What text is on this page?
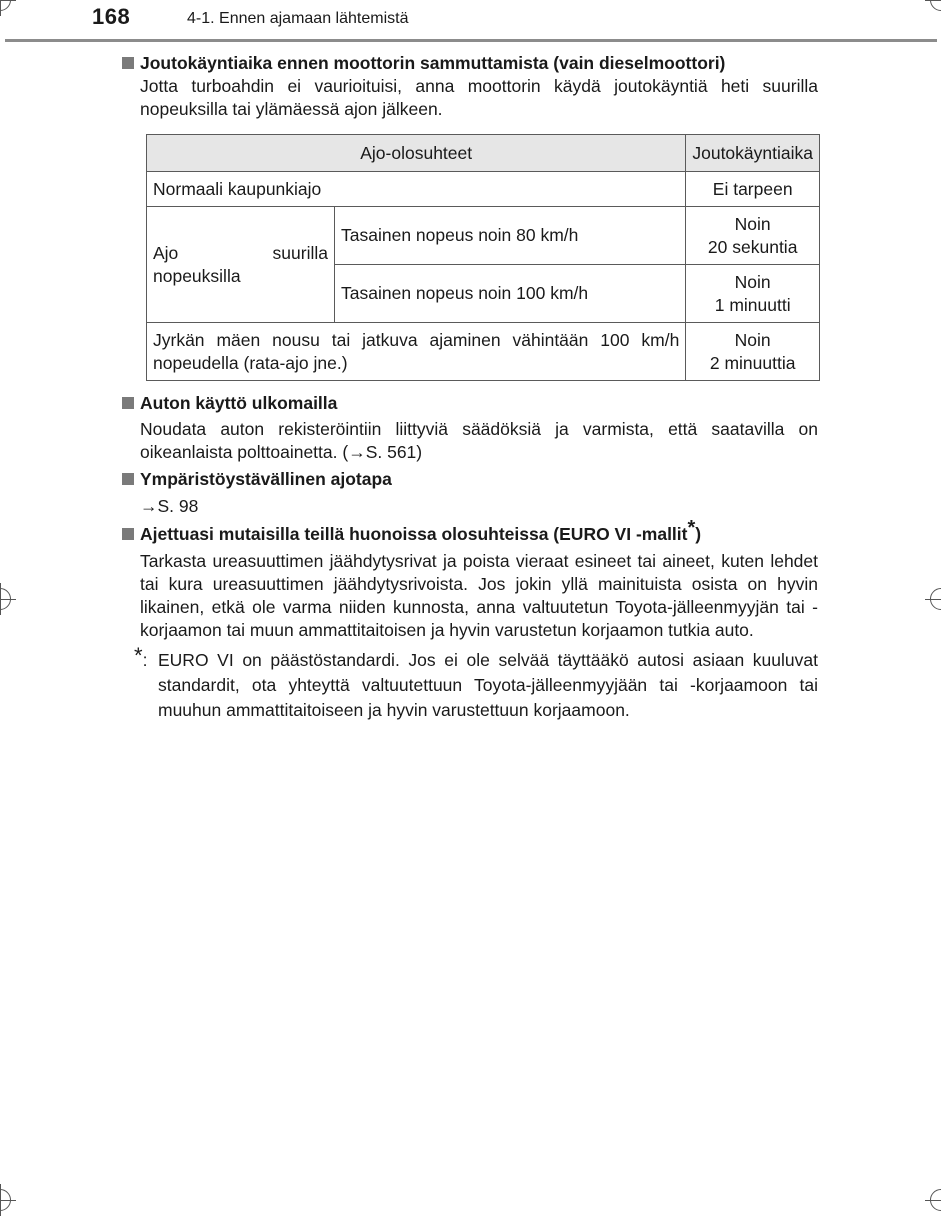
168	4-1. Ennen ajamaan lähtemistä
Joutokäyntiaika ennen moottorin sammuttamista (vain dieselmoottori)
Jotta turboahdin ei vaurioituisi, anna moottorin käydä joutokäyntiä heti suurilla nopeuksilla tai ylämäessä ajon jälkeen.
Ajo-olosuhteet		Joutokäyntiaika
Normaali kaupunkiajo		Ei tarpeen
Ajo suurilla nopeuksilla	Tasainen nopeus noin 80 km/h	Noin
20 sekuntia

	Tasainen nopeus noin 100 km/h	Noin
1 minuutti

Jyrkän mäen nousu tai jatkuva ajaminen vähintään 100 km/h nopeudella (rata-ajo jne.)		Noin
2 minuuttia
Auton käyttö ulkomailla
Noudata auton rekisteröintiin liittyviä säädöksiä ja varmista, että saatavilla on oikeanlaista polttoainetta. (→S. 561)
Ympäristöystävällinen ajotapa
→S. 98
Ajettuasi mutaisilla teillä huonoissa olosuhteissa (EURO VI -mallit*)
Tarkasta ureasuuttimen jäähdytysrivat ja poista vieraat esineet tai aineet, kuten lehdet tai kura ureasuuttimen jäähdytysrivoista. Jos jokin yllä mainituista osista on hyvin likainen, etkä ole varma niiden kunnosta, anna valtuutetun Toyota-jälleenmyyjän tai -korjaamon tai muun ammattitaitoisen ja hyvin varustetun korjaamon tutkia auto.
*: EURO VI on päästöstandardi. Jos ei ole selvää täyttääkö autosi asiaan kuuluvat standardit, ota yhteyttä valtuutettuun Toyota-jälleenmyyjään tai -korjaamoon tai muuhun ammattitaitoiseen ja hyvin varustettuun korjaamoon.
